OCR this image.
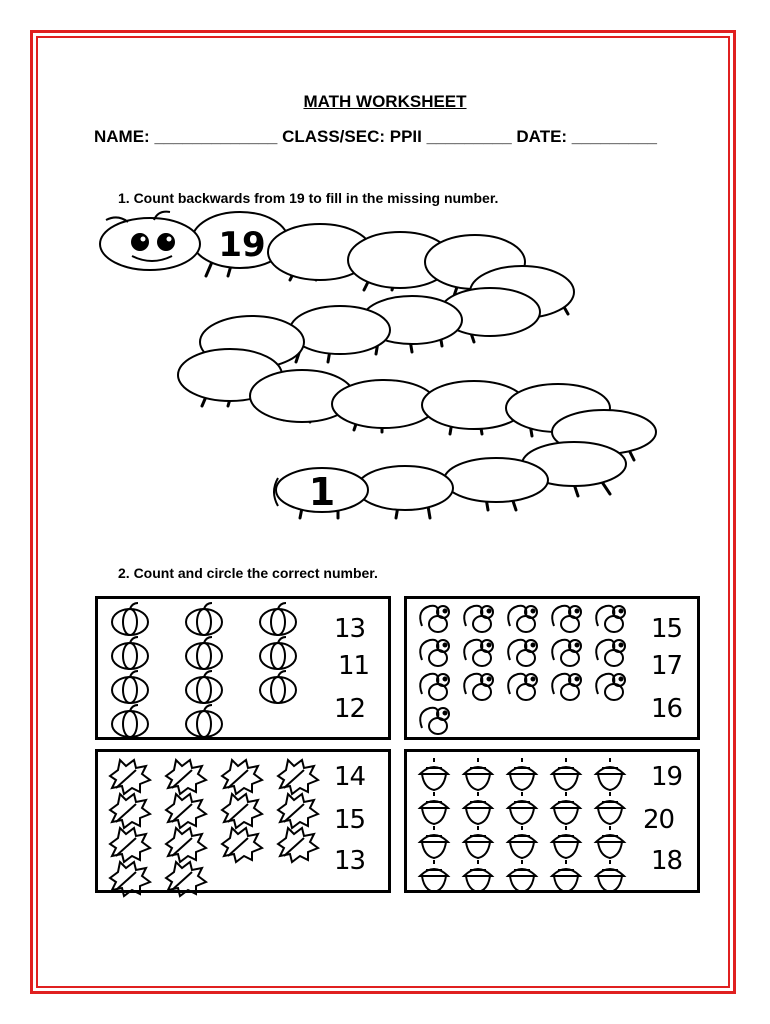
MATH WORKSHEET
NAME: _____________ CLASS/SEC: PPII _________ DATE: _________
1. Count backwards from 19 to fill in the missing number.
19
1
2. Count and circle the correct number.
13
11
12
15
17
16
14
15
13
19
20
18
